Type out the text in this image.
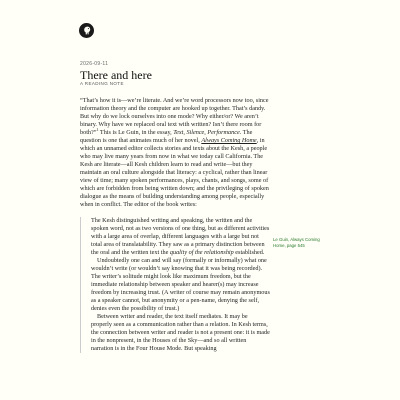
2026-09-11

There and here

A READING NOTE

“That’s how it is—we’re literate. And we’re word processors now too, since information theory and the computer are hooked up together. That’s dandy. But why do we lock ourselves into one mode? Why either/or? We aren’t binary. Why have we replaced oral text with written? Isn’t there room for both?”$^1$ This is Le Guin, in the essay, Text, Silence, Performance. The question is one that animates much of her novel, Always Coming Home, in which an unnamed editor collects stories and texts about the Kesh, a people who may live many years from now in what we today call California. The Kesh are literate—all Kesh children learn to read and write—but they maintain an oral culture alongside that literacy: a cyclical, rather than linear view of time; many spoken performances, plays, chants, and songs, some of which are forbidden from being written down; and the privileging of spoken dialogue as the means of building understanding among people, especially when in conflict. The editor of the book writes:

The Kesh distinguished writing and speaking, the written and the spoken word, not as two versions of one thing, but as different activities with a large area of overlap, different languages with a large but not total area of translatability. They saw as a primary distinction between the oral and the written text the quality of the relationship established.

Undoubtedly one can and will say (formally or informally) what one wouldn’t write (or wouldn’t say knowing that it was being recorded). The writer’s solitude might look like maximum freedom, but the immediate relationship between speaker and hearer(s) may increase freedom by increasing trust. (A writer of course may remain anonymous as a speaker cannot, but anonymity or a pen-name, denying the self, denies even the possibility of trust.)

Between writer and reader, the text itself mediates. It may be properly seen as a communication rather than a relation. In Kesh terms, the connection between writer and reader is not a present one: it is made in the nonpresent, in the Houses of the Sky—and so all written narration is in the Four House Mode. But speaking

Le Guin, Always Coming Home, page 545
